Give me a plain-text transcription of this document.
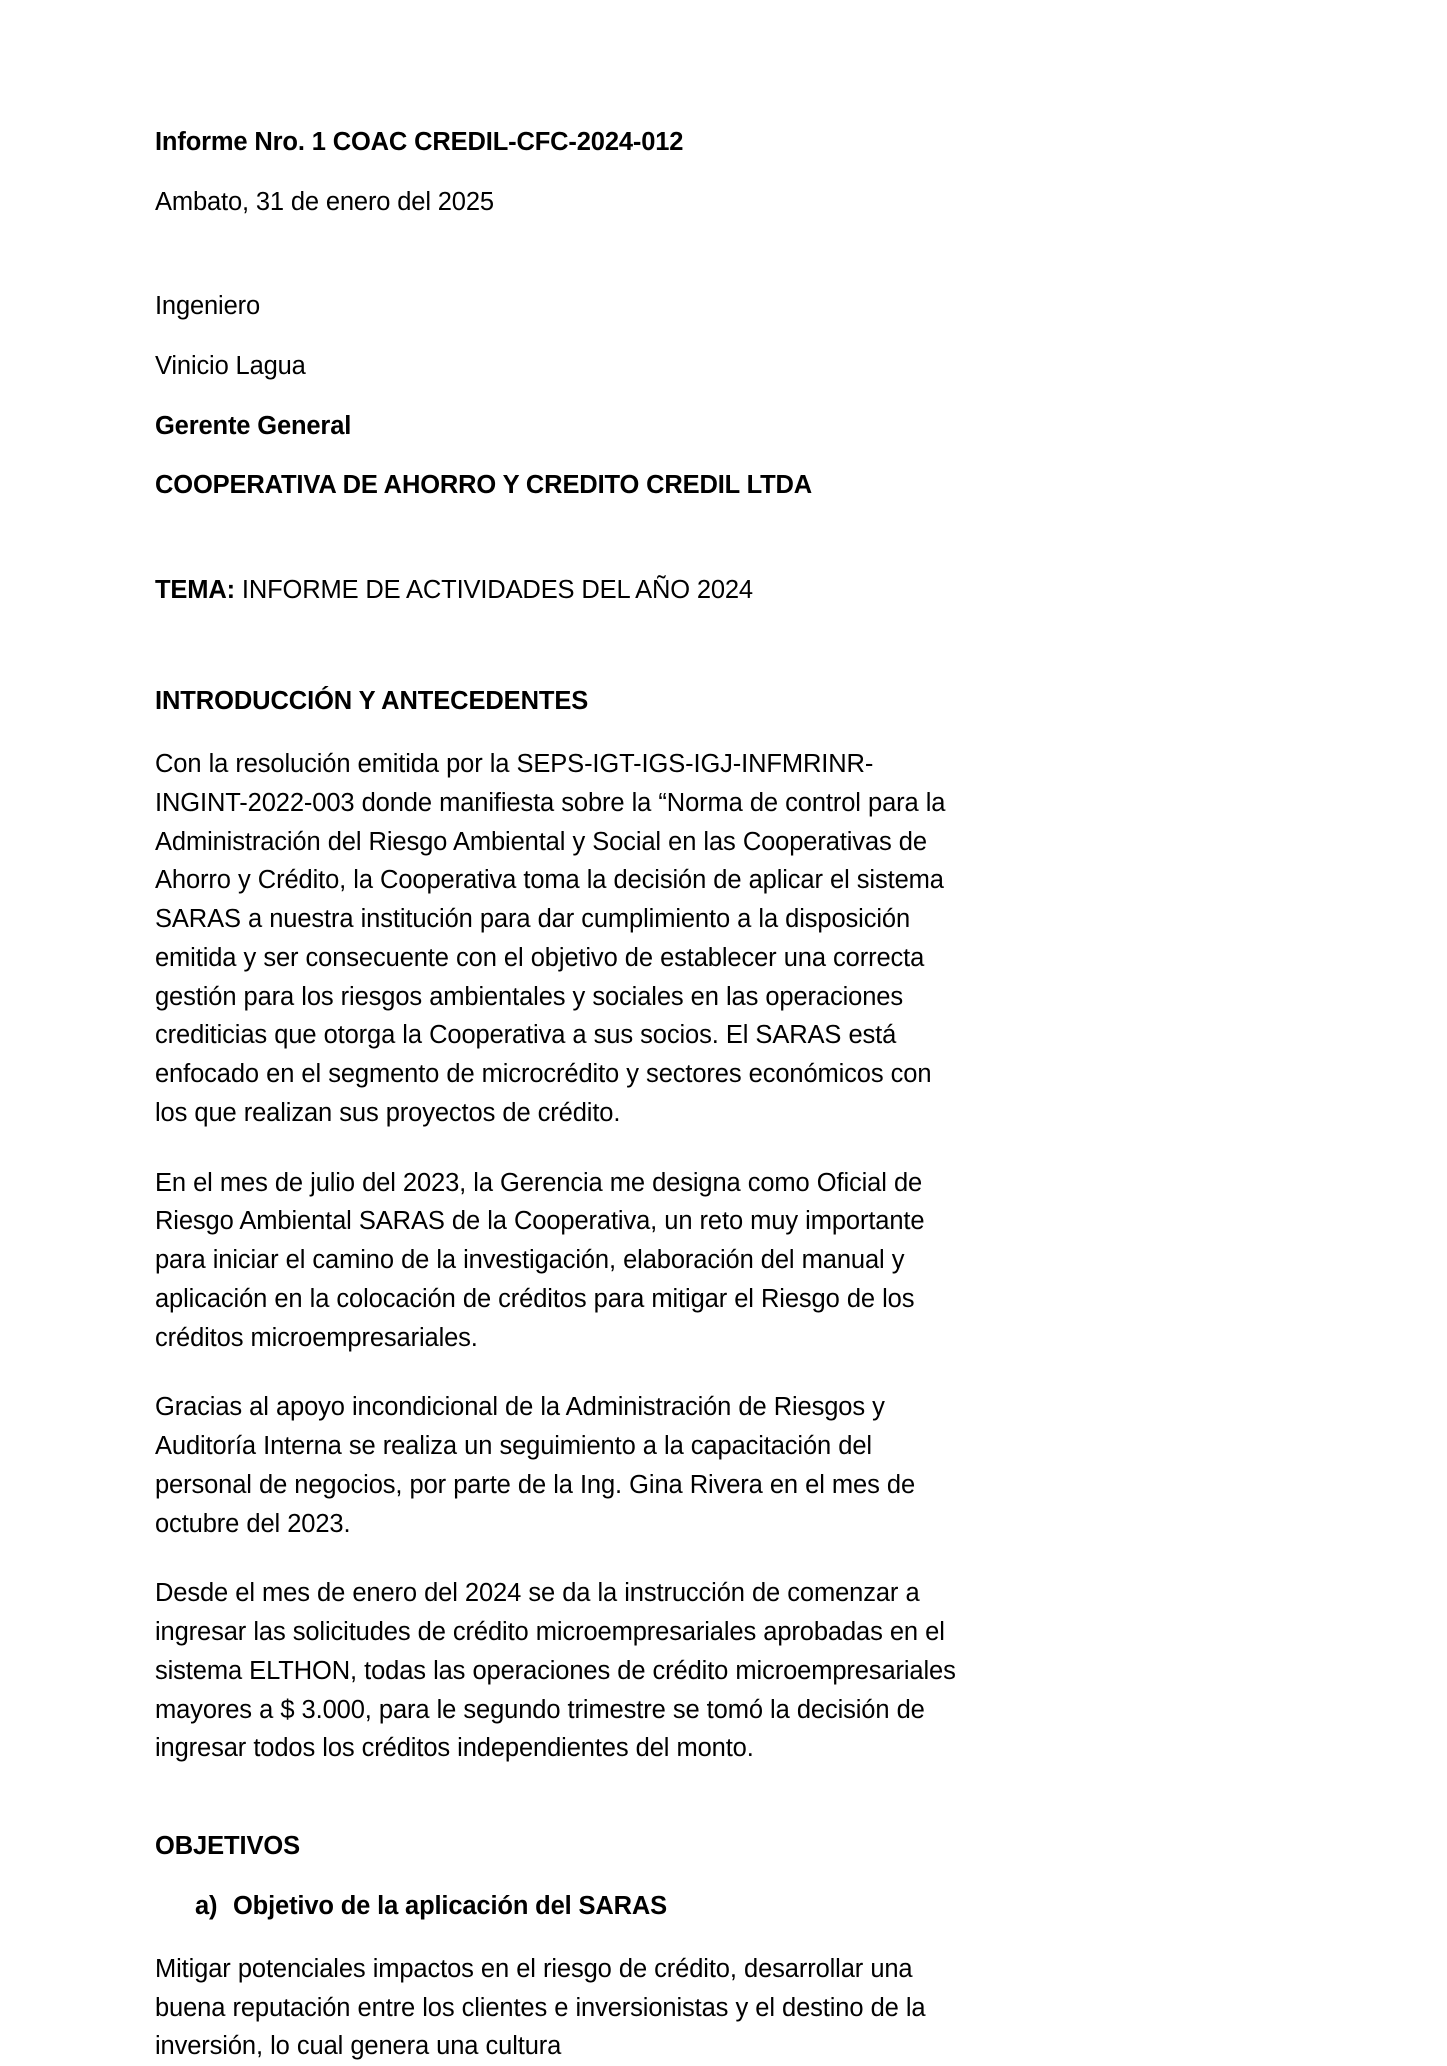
Informe Nro. 1 COAC CREDIL-CFC-2024-012
Ambato, 31 de enero del 2025
Ingeniero
Vinicio Lagua
Gerente General
COOPERATIVA DE AHORRO Y CREDITO CREDIL LTDA
TEMA: INFORME DE ACTIVIDADES DEL AÑO 2024
INTRODUCCIÓN Y ANTECEDENTES

Con la resolución emitida por la SEPS-IGT-IGS-IGJ-INFMRINR-INGINT-2022-003 donde manifiesta sobre la “Norma de control para la Administración del Riesgo Ambiental y Social en las Cooperativas de Ahorro y Crédito, la Cooperativa toma la decisión de aplicar el sistema SARAS a nuestra institución para dar cumplimiento a la disposición emitida y ser consecuente con el objetivo de establecer una correcta gestión para los riesgos ambientales y sociales en las operaciones crediticias que otorga la Cooperativa a sus socios. El SARAS está enfocado en el segmento de microcrédito y sectores económicos con los que realizan sus proyectos de crédito.

En el mes de julio del 2023, la Gerencia me designa como Oficial de Riesgo Ambiental SARAS de la Cooperativa, un reto muy importante para iniciar el camino de la investigación, elaboración del manual y aplicación en la colocación de créditos para mitigar el Riesgo de los créditos microempresariales.

Gracias al apoyo incondicional de la Administración de Riesgos y Auditoría Interna se realiza un seguimiento a la capacitación del personal de negocios, por parte de la Ing. Gina Rivera en el mes de octubre del 2023.

Desde el mes de enero del 2024 se da la instrucción de comenzar a ingresar las solicitudes de crédito microempresariales aprobadas en el sistema ELTHON, todas las operaciones de crédito microempresariales mayores a $ 3.000, para le segundo trimestre se tomó la decisión de ingresar todos los créditos independientes del monto.

OBJETIVOS
a) Objetivo de la aplicación del SARAS

Mitigar potenciales impactos en el riesgo de crédito, desarrollar una buena reputación entre los clientes e inversionistas y el destino de la inversión, lo cual genera una cultura
